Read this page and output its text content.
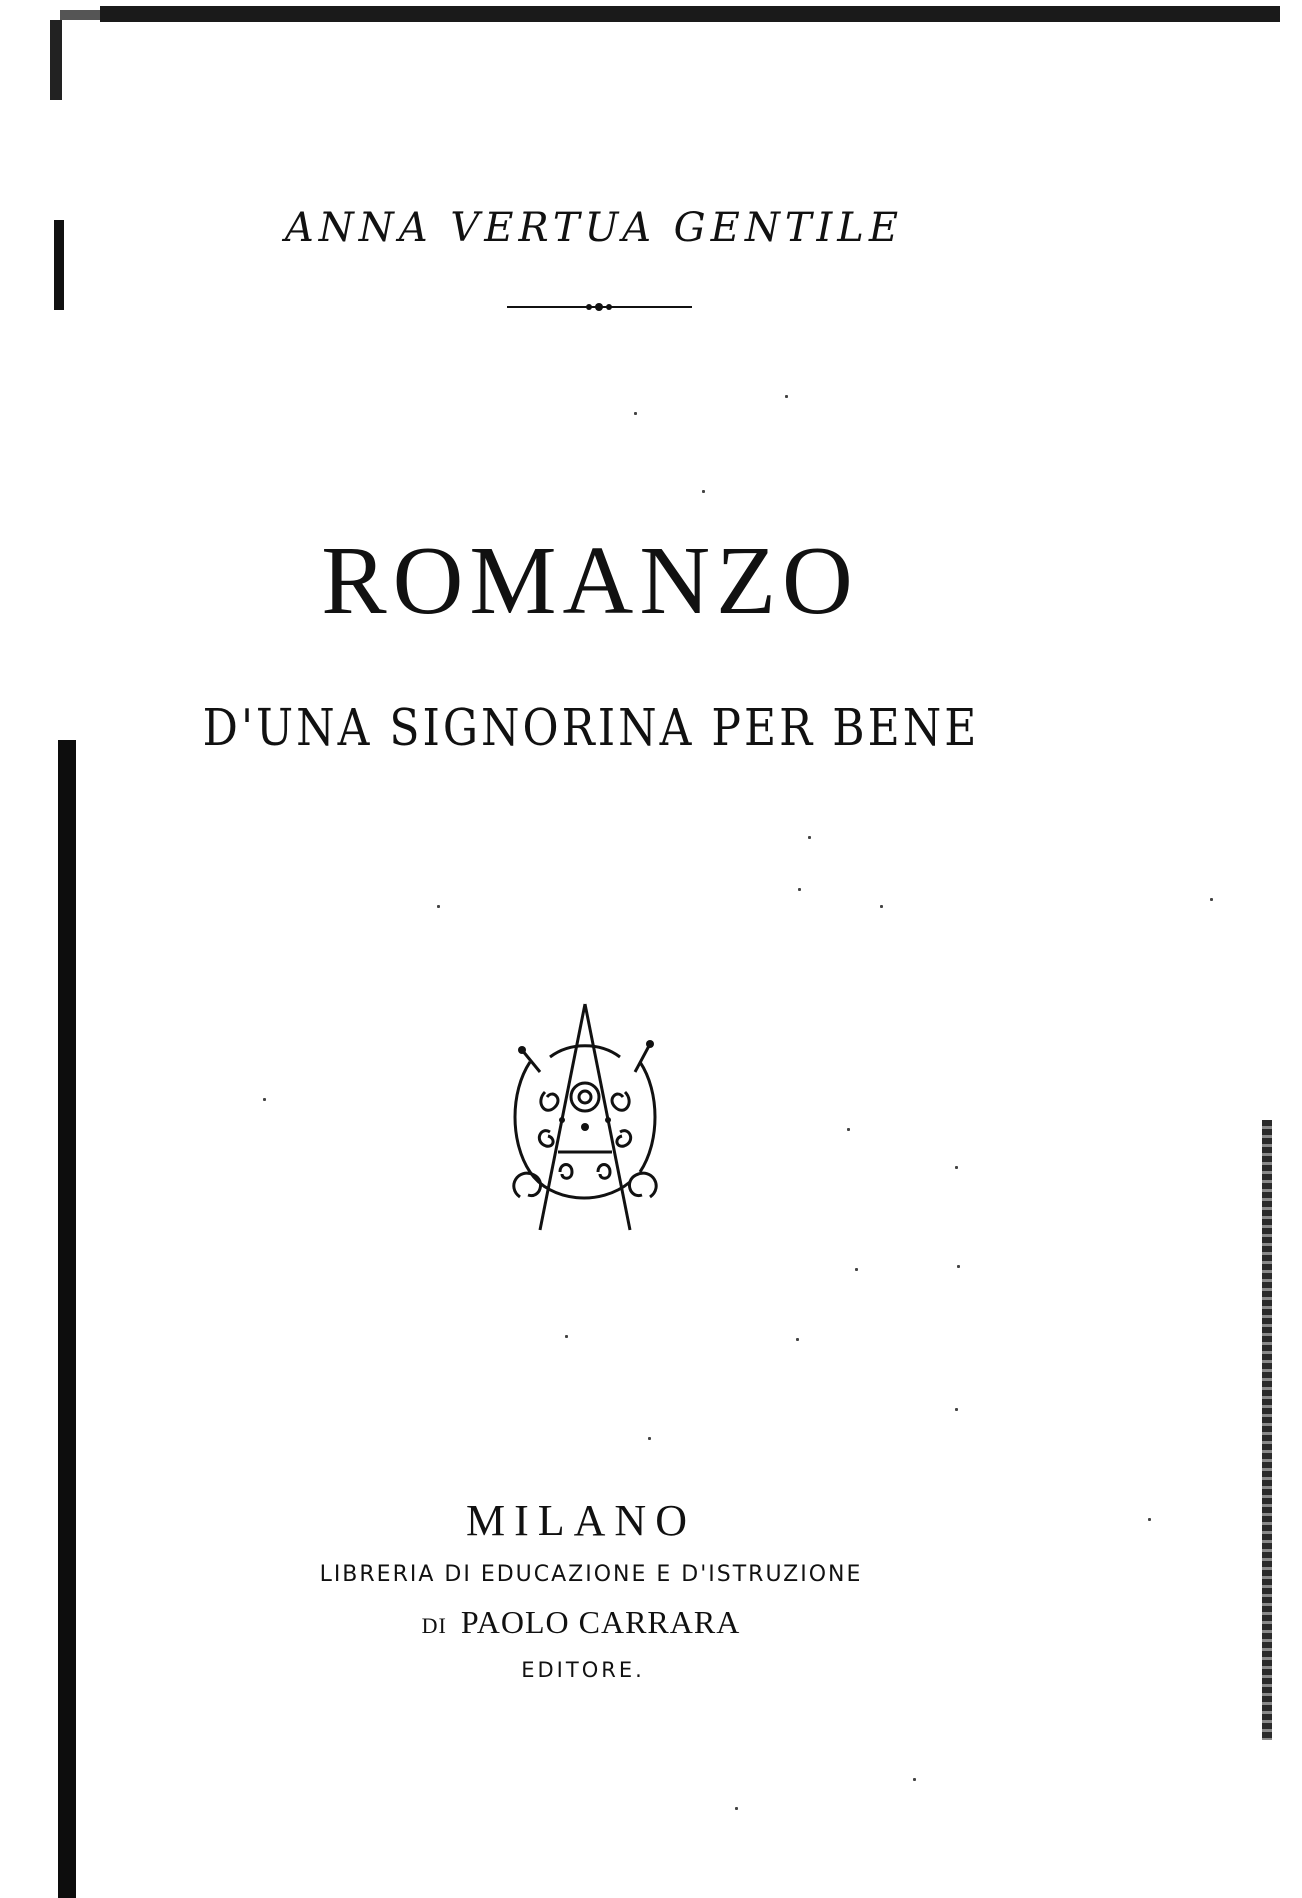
ANNA VERTUA GENTILE
ROMANZO
D'UNA SIGNORINA PER BENE
MILANO
LIBRERIA DI EDUCAZIONE E D'ISTRUZIONE
DI PAOLO CARRARA
EDITORE.
